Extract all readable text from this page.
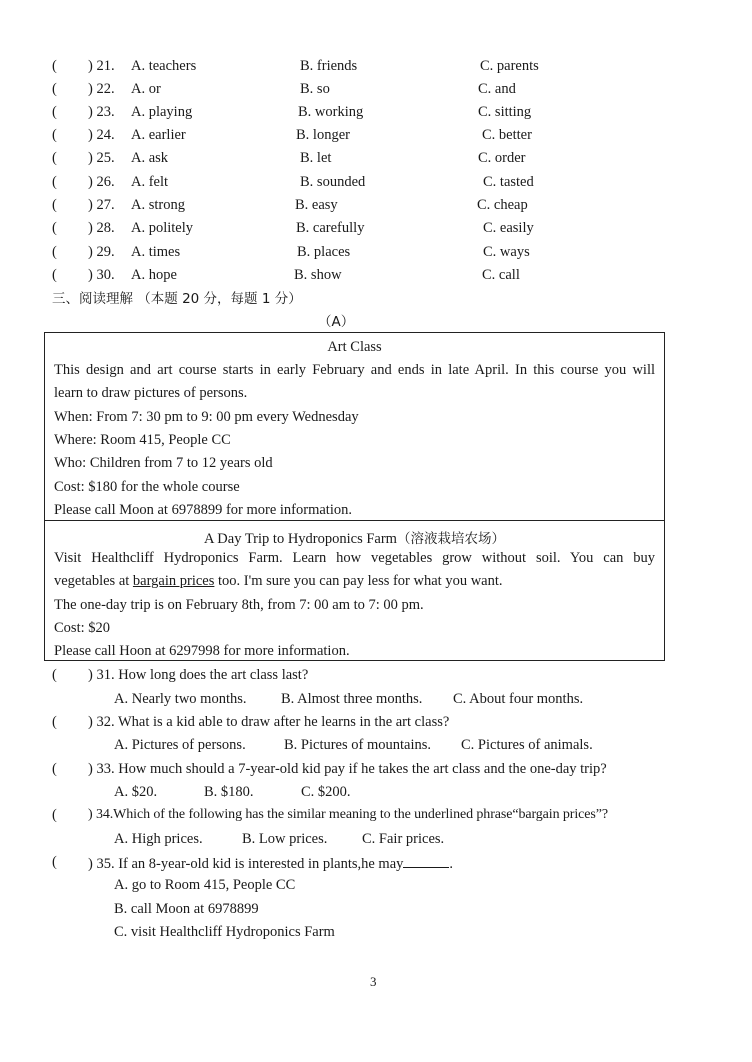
( ) 21. A. teachers	B. friends	C. parents
( ) 22. A. or	B. so	C. and
( ) 23. A. playing	B. working	C. sitting
( ) 24. A. earlier	B. longer	C. better
( ) 25. A. ask	B. let	C. order
( ) 26. A. felt	B. sounded	C. tasted
( ) 27. A. strong	B. easy	C. cheap
( ) 28. A. politely	B. carefully	C. easily
( ) 29. A. times	B. places	C. ways
( ) 30. A. hope	B. show	C. call
三、阅读理解 （本题 20 分，每题 1 分）
（A）
Art Class
This design and art course starts in early February and ends in late April. In this course you will
learn to draw pictures of persons.
When: From 7: 30 pm to 9: 00 pm every Wednesday
Where: Room 415, People CC
Who: Children from 7 to 12 years old
Cost: $180 for the whole course
Please call Moon at 6978899 for more information.
A Day Trip to Hydroponics Farm（溶液栽培农场）
Visit Healthcliff Hydroponics Farm. Learn how vegetables grow without soil. You can buy
vegetables at bargain prices too. I'm sure you can pay less for what you want.
The one-day trip is on February 8th, from 7: 00 am to 7: 00 pm.
Cost: $20
Please call Hoon at 6297998 for more information.
( ) 31. How long does the art class last?
A. Nearly two months. B. Almost three months. C. About four months.
( ) 32. What is a kid able to draw after he learns in the art class?
A. Pictures of persons.	B. Pictures of mountains. C. Pictures of animals.
( ) 33. How much should a 7-year-old kid pay if he takes the art class and the one-day trip?
A. $20.	B. $180.	C. $200.
( ) 34.Which of the following has the similar meaning to the underlined phrase“bargain prices”?
A. High prices.	B. Low prices. C. Fair prices.
( ) 35. If an 8-year-old kid is interested in plants,he may	.
A. go to Room 415, People CC
B. call Moon at 6978899
C. visit Healthcliff Hydroponics Farm
3
